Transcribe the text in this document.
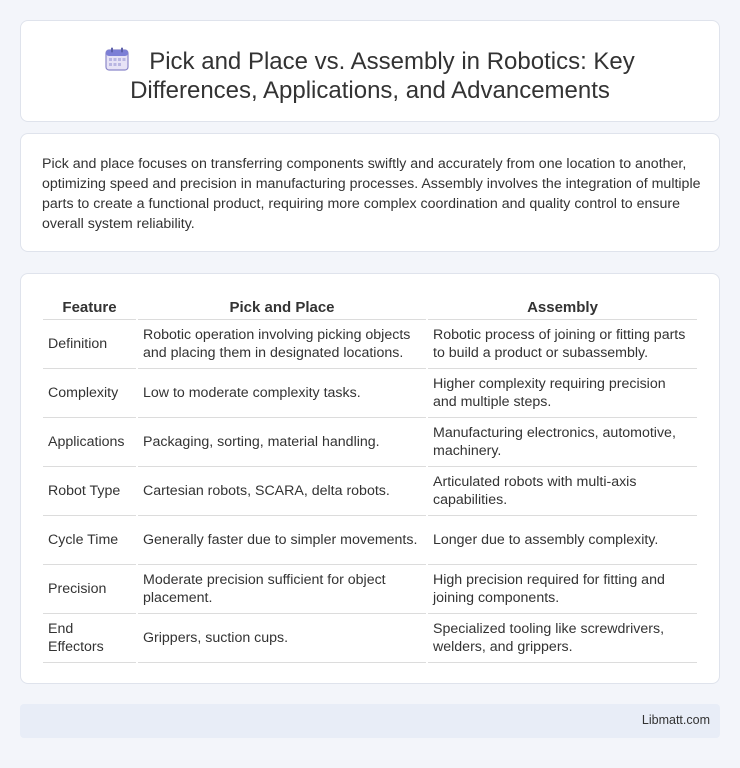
Pick and Place vs. Assembly in Robotics: Key Differences, Applications, and Advancements

Pick and place focuses on transferring components swiftly and accurately from one location to another, optimizing speed and precision in manufacturing processes. Assembly involves the integration of multiple parts to create a functional product, requiring more complex coordination and quality control to ensure overall system reliability.

Feature	Pick and Place	Assembly
Definition	Robotic operation involving picking objects and placing them in designated locations.	Robotic process of joining or fitting parts to build a product or subassembly.
Complexity	Low to moderate complexity tasks.	Higher complexity requiring precision and multiple steps.
Applications	Packaging, sorting, material handling.	Manufacturing electronics, automotive, machinery.
Robot Type	Cartesian robots, SCARA, delta robots.	Articulated robots with multi-axis capabilities.
Cycle Time	Generally faster due to simpler movements.	Longer due to assembly complexity.
Precision	Moderate precision sufficient for object placement.	High precision required for fitting and joining components.
End Effectors	Grippers, suction cups.	Specialized tooling like screwdrivers, welders, and grippers.
Libmatt.com
